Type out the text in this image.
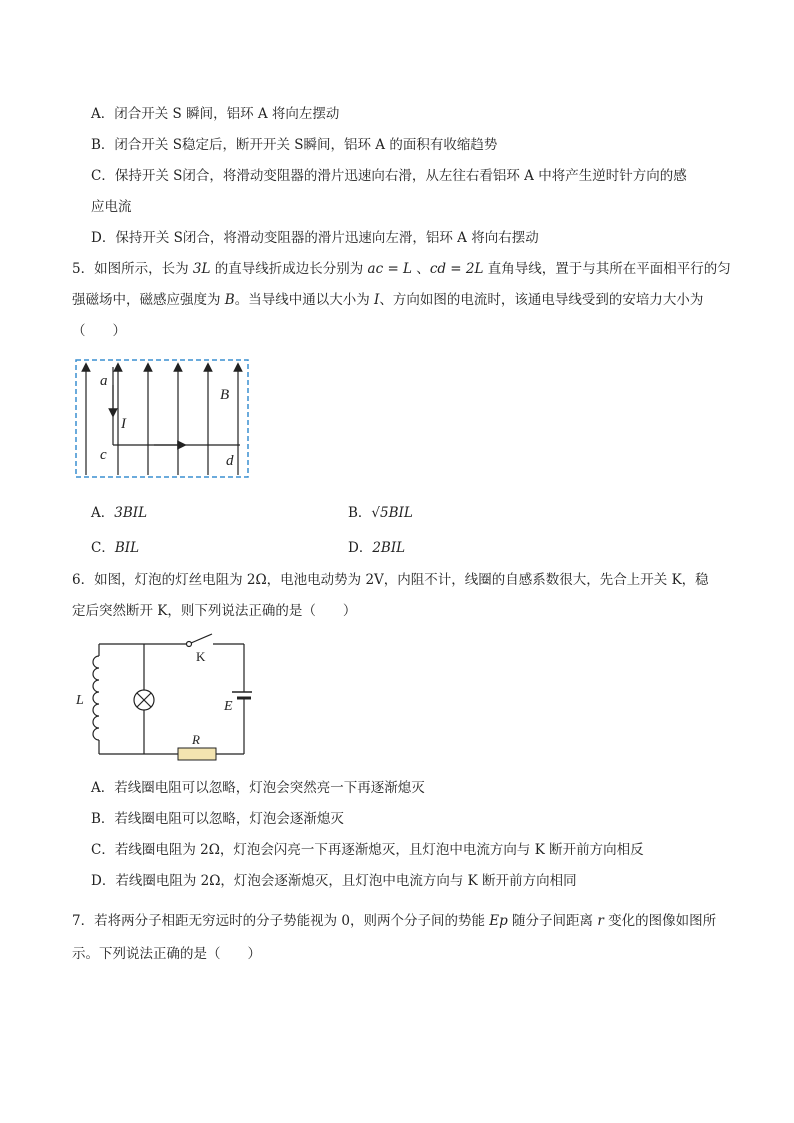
A．闭合开关 S 瞬间，铝环 A 将向左摆动
B．闭合开关 S稳定后，断开开关 S瞬间，铝环 A 的面积有收缩趋势
C．保持开关 S闭合，将滑动变阻器的滑片迅速向右滑，从左往右看铝环 A 中将产生逆时针方向的感
应电流
D．保持开关 S闭合，将滑动变阻器的滑片迅速向左滑，铝环 A 将向右摆动
5．如图所示，长为 3L 的直导线折成边长分别为 ac = L 、cd = 2L 直角导线，置于与其所在平面相平行的匀
强磁场中，磁感应强度为 B。当导线中通以大小为 I、方向如图的电流时，该通电导线受到的安培力大小为
（　　）
a
I
c	d
B
A．3BIL	B．√5BIL
C．BIL	D．2BIL
6．如图，灯泡的灯丝电阻为 2Ω，电池电动势为 2V，内阻不计，线圈的自感系数很大，先合上开关 K，稳
定后突然断开 K，则下列说法正确的是（　　）
K
E
R
L
A．若线圈电阻可以忽略，灯泡会突然亮一下再逐渐熄灭
B．若线圈电阻可以忽略，灯泡会逐渐熄灭
C．若线圈电阻为 2Ω，灯泡会闪亮一下再逐渐熄灭，且灯泡中电流方向与 K 断开前方向相反
D．若线圈电阻为 2Ω，灯泡会逐渐熄灭，且灯泡中电流方向与 K 断开前方向相同
7．若将两分子相距无穷远时的分子势能视为 0，则两个分子间的势能 Ep 随分子间距离 r 变化的图像如图所
示。下列说法正确的是（　　）
